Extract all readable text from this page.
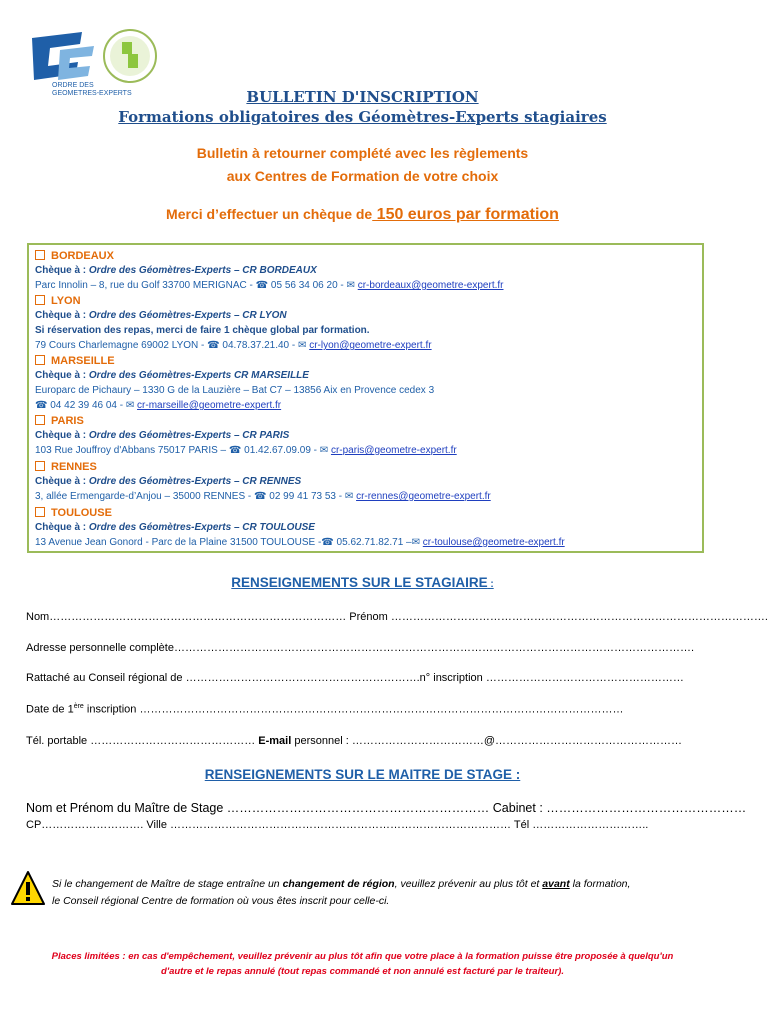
ORDRE DES
GEOMETRES-EXPERTS	BULLETIN D'INSCRIPTION
Formations obligatoires des Géomètres-Experts stagiaires
Bulletin à retourner complété avec les règlements
aux Centres de Formation de votre choix
Merci d’effectuer un chèque de 150 euros par formation
BORDEAUX
Chèque à : Ordre des Géomètres-Experts – CR BORDEAUX
Parc Innolin – 8, rue du Golf 33700 MERIGNAC - ☎ 05 56 34 06 20 - ✉ cr-bordeaux@geometre-expert.fr
LYON
Chèque à : Ordre des Géomètres-Experts – CR LYON
Si réservation des repas, merci de faire 1 chèque global par formation.
79 Cours Charlemagne 69002 LYON - ☎ 04.78.37.21.40 - ✉ cr-lyon@geometre-expert.fr
MARSEILLE
Chèque à : Ordre des Géomètres-Experts CR MARSEILLE
Europarc de Pichaury – 1330 G de la Lauzière – Bat C7 – 13856 Aix en Provence cedex 3
☎ 04 42 39 46 04 - ✉ cr-marseille@geometre-expert.fr
PARIS
Chèque à : Ordre des Géomètres-Experts – CR PARIS
103 Rue Jouffroy d'Abbans 75017 PARIS – ☎ 01.42.67.09.09 - ✉ cr-paris@geometre-expert.fr
RENNES
Chèque à : Ordre des Géomètres-Experts – CR RENNES
3, allée Ermengarde-d’Anjou – 35000 RENNES - ☎ 02 99 41 73 53 - ✉ cr-rennes@geometre-expert.fr
TOULOUSE
Chèque à : Ordre des Géomètres-Experts – CR TOULOUSE
13 Avenue Jean Gonord - Parc de la Plaine 31500 TOULOUSE -☎ 05.62.71.82.71 –✉ cr-toulouse@geometre-expert.fr
RENSEIGNEMENTS SUR LE STAGIAIRE :
Nom……………………………………………………………………… Prénom ………………………………………………………………………………………….
Adresse personnelle complète…………………………………………………………………………………………………………………………….
Rattaché au Conseil régional de ……………………………………………………….n° inscription ………………………………………………
Date de 1ère inscription ……………………………………………………………………………………………………………………
Tél. portable ……………………………………… E-mail personnel : ………………………………@……………………………………………
RENSEIGNEMENTS SUR LE MAITRE DE STAGE :
Nom et Prénom du Maître de Stage ……………………………………………………… Cabinet : …………………………………………
CP………………………. Ville ………………………………………………………………………………… Tél …………………………..
Si le changement de Maître de stage entraîne un changement de région, veuillez prévenir au plus tôt et avant la formation,
le Conseil régional Centre de formation où vous êtes inscrit pour celle-ci.
Places limitées : en cas d'empêchement, veuillez prévenir au plus tôt afin que votre place à la formation puisse être proposée à quelqu'un
d'autre et le repas annulé (tout repas commandé et non annulé est facturé par le traiteur).
